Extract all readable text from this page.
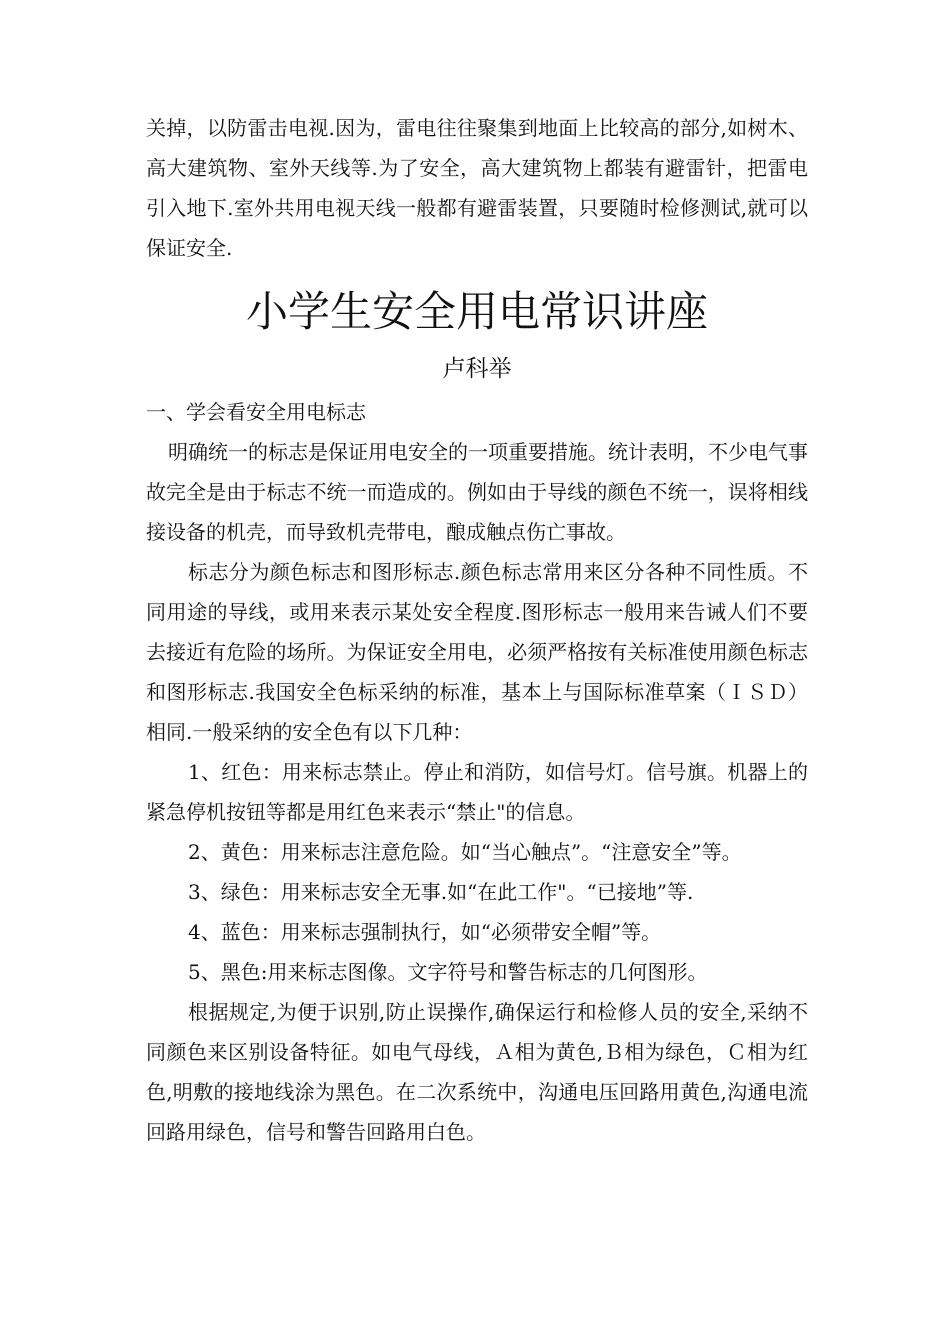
关掉，以防雷击电视.因为，雷电往往聚集到地面上比较高的部分,如树木、高大建筑物、室外天线等.为了安全，高大建筑物上都装有避雷针，把雷电引入地下.室外共用电视天线一般都有避雷装置，只要随时检修测试,就可以保证安全.

小学生安全用电常识讲座
卢科举
一、学会看安全用电标志

明确统一的标志是保证用电安全的一项重要措施。统计表明，不少电气事故完全是由于标志不统一而造成的。例如由于导线的颜色不统一，误将相线接设备的机壳，而导致机壳带电，酿成触点伤亡事故。

标志分为颜色标志和图形标志.颜色标志常用来区分各种不同性质。不同用途的导线，或用来表示某处安全程度.图形标志一般用来告诫人们不要去接近有危险的场所。为保证安全用电，必须严格按有关标准使用颜色标志和图形标志.我国安全色标采纳的标准，基本上与国际标准草案（ＩＳＤ）相同.一般采纳的安全色有以下几种：

1、红色：用来标志禁止。停止和消防，如信号灯。信号旗。机器上的紧急停机按钮等都是用红色来表示“禁止"的信息。

2、黄色：用来标志注意危险。如“当心触点”。“注意安全”等。

3、绿色：用来标志安全无事.如“在此工作"。“已接地”等.

4、蓝色：用来标志强制执行，如“必须带安全帽”等。

5、黑色:用来标志图像。文字符号和警告标志的几何图形。

根据规定,为便于识别,防止误操作,确保运行和检修人员的安全,采纳不同颜色来区别设备特征。如电气母线，Ａ相为黄色,Ｂ相为绿色，Ｃ相为红色,明敷的接地线涂为黑色。在二次系统中，沟通电压回路用黄色,沟通电流回路用绿色，信号和警告回路用白色。
